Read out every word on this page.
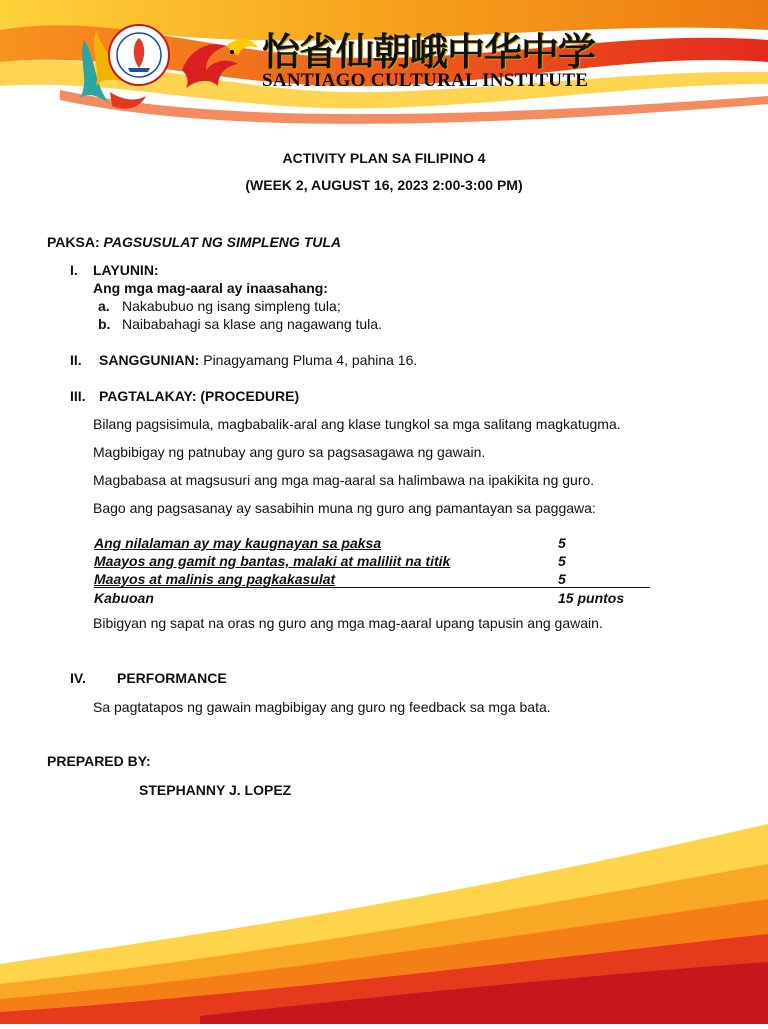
怡省仙朝峨中华中学
SANTIAGO CULTURAL INSTITUTE
ACTIVITY PLAN SA FILIPINO 4
(WEEK 2, AUGUST 16, 2023 2:00-3:00 PM)
PAKSA: PAGSUSULAT NG SIMPLENG TULA
I. LAYUNIN:
Ang mga mag-aaral ay inaasahang:
a. Nakabubuo ng isang simpleng tula;
b. Naibabahagi sa klase ang nagawang tula.
II. SANGGUNIAN: Pinagyamang Pluma 4, pahina 16.
III. PAGTALAKAY: (PROCEDURE)
Bilang pagsisimula, magbabalik-aral ang klase tungkol sa mga salitang magkatugma.
Magbibigay ng patnubay ang guro sa pagsasagawa ng gawain.
Magbabasa at magsusuri ang mga mag-aaral sa halimbawa na ipakikita ng guro.
Bago ang pagsasanay ay sasabihin muna ng guro ang pamantayan sa paggawa:
Ang nilalaman ay may kaugnayan sa paksa	5
Maayos ang gamit ng bantas, malaki at maliliit na titik	5
Maayos at malinis ang pagkakasulat	5
Kabuoan	15 puntos
Bibigyan ng sapat na oras ng guro ang mga mag-aaral upang tapusin ang gawain.
IV. PERFORMANCE
Sa pagtatapos ng gawain magbibigay ang guro ng feedback sa mga bata.
PREPARED BY:
STEPHANNY J. LOPEZ
